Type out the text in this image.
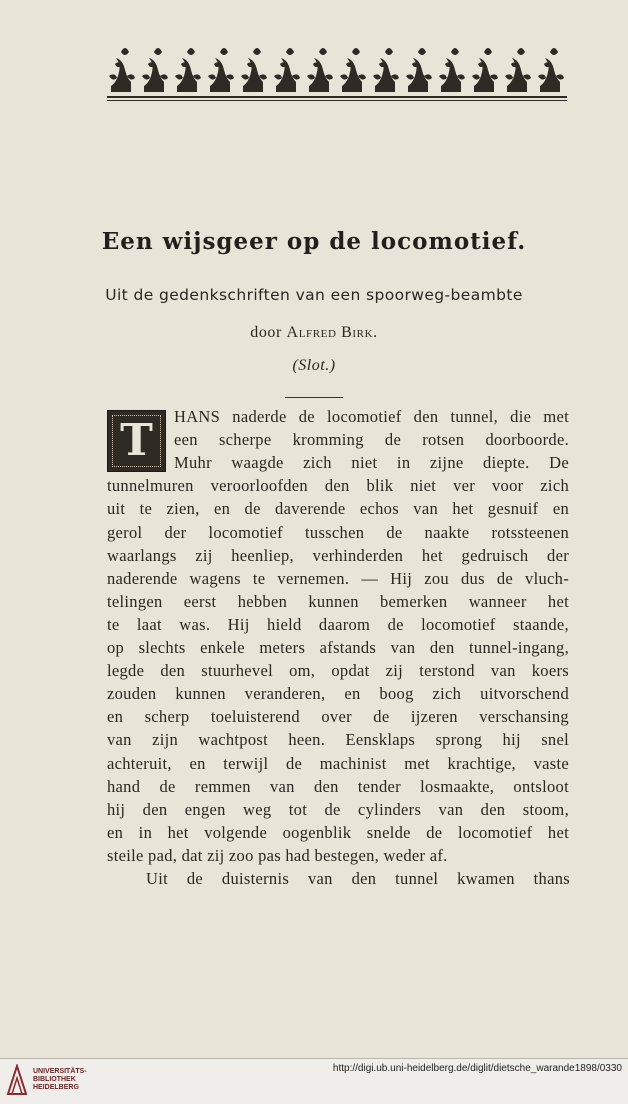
Een wijsgeer op de locomotief.
Uit de gedenkschriften van een spoorweg-beambte
door Alfred Birk.
(Slot.)
T HANS naderde de locomotief den tunnel, die met
een scherpe kromming de rotsen doorboorde.
Muhr waagde zich niet in zijne diepte. De
tunnelmuren veroorloofden den blik niet ver voor zich
uit te zien, en de daverende echos van het gesnuif en
gerol der locomotief tusschen de naakte rotssteenen
waarlangs zij heenliep, verhinderden het gedruisch der
naderende wagens te vernemen. — Hij zou dus de vluch-
telingen eerst hebben kunnen bemerken wanneer het
te laat was. Hij hield daarom de locomotief staande,
op slechts enkele meters afstands van den tunnel-ingang,
legde den stuurhevel om, opdat zij terstond van koers
zouden kunnen veranderen, en boog zich uitvorschend
en scherp toeluisterend over de ijzeren verschansing
van zijn wachtpost heen. Eensklaps sprong hij snel
achteruit, en terwijl de machinist met krachtige, vaste
hand de remmen van den tender losmaakte, ontsloot
hij den engen weg tot de cylinders van den stoom,
en in het volgende oogenblik snelde de locomotief het
steile pad, dat zij zoo pas had bestegen, weder af.
Uit de duisternis van den tunnel kwamen thans
UNIVERSITÄTS-
BIBLIOTHEK
HEIDELBERG
http://digi.ub.uni-heidelberg.de/diglit/dietsche_warande1898/0330
